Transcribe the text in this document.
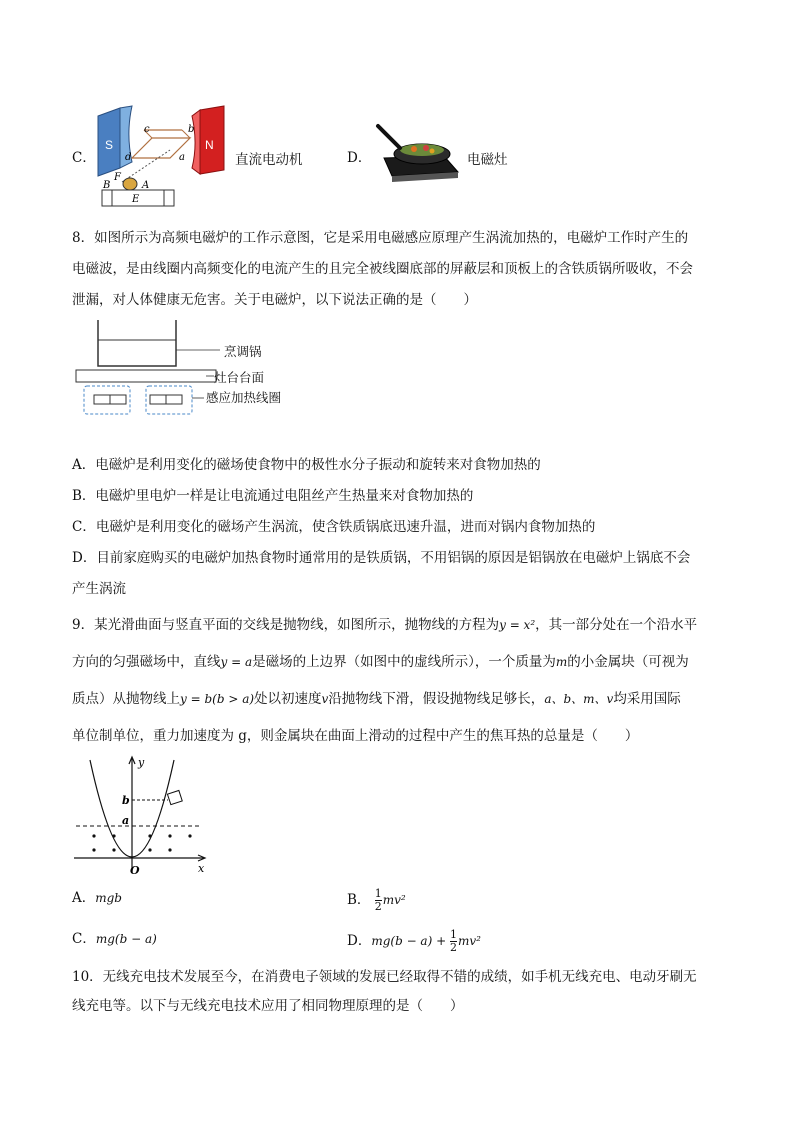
C．
S	N
c	b
a
d
B	A
F
E
直流电动机	D．	电磁灶
8．如图所示为高频电磁炉的工作示意图，它是采用电磁感应原理产生涡流加热的，电磁炉工作时产生的
电磁波，是由线圈内高频变化的电流产生的且完全被线圈底部的屏蔽层和顶板上的含铁质锅所吸收，不会
泄漏，对人体健康无危害。关于电磁炉，以下说法正确的是（　　）
烹调锅
灶台台面
感应加热线圈
A．电磁炉是利用变化的磁场使食物中的极性水分子振动和旋转来对食物加热的
B．电磁炉里电炉一样是让电流通过电阻丝产生热量来对食物加热的
C．电磁炉是利用变化的磁场产生涡流，使含铁质锅底迅速升温，进而对锅内食物加热的
D．目前家庭购买的电磁炉加热食物时通常用的是铁质锅，不用铝锅的原因是铝锅放在电磁炉上锅底不会
产生涡流
9．某光滑曲面与竖直平面的交线是抛物线，如图所示，抛物线的方程为y = x²，其一部分处在一个沿水平
方向的匀强磁场中，直线y = a是磁场的上边界（如图中的虚线所示），一个质量为m的小金属块（可视为
质点）从抛物线上y = b(b > a)处以初速度v沿抛物线下滑，假设抛物线足够长，a、b、m、v均采用国际
单位制单位，重力加速度为 g，则金属块在曲面上滑动的过程中产生的焦耳热的总量是（　　）
y
x
O
b
a
A．mgb	B． $\frac{1}{2} mv^2$
C．mg(b − a)	D．$mg(b - a) + \frac{1}{2} mv^2$
10．无线充电技术发展至今，在消费电子领域的发展已经取得不错的成绩，如手机无线充电、电动牙刷无
线充电等。以下与无线充电技术应用了相同物理原理的是（　　）
